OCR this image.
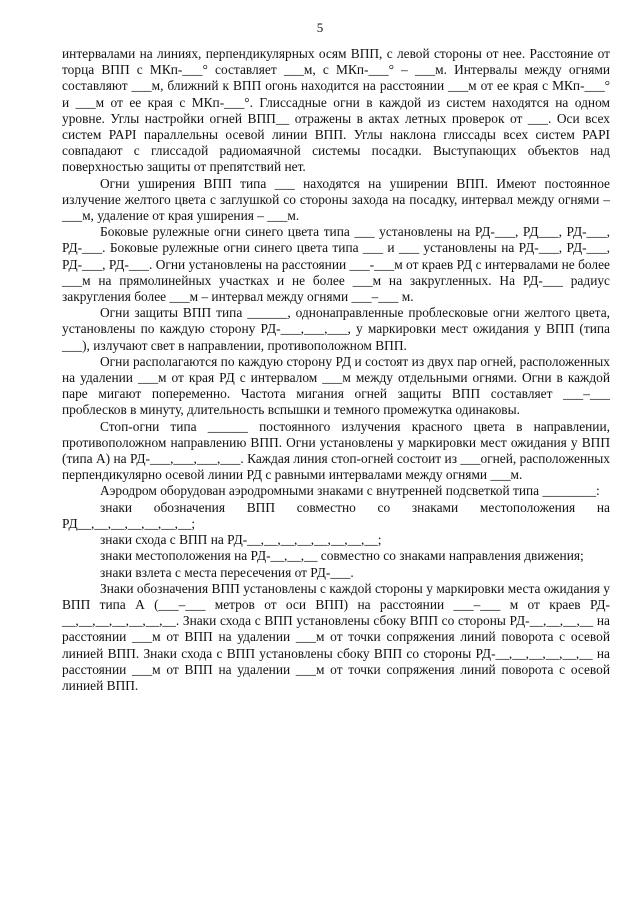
5

интервалами на линиях, перпендикулярных осям ВПП, с левой стороны от нее. Расстояние от торца ВПП с МКп-___° составляет ___м, с МКп-___° – ___м. Интервалы между огнями составляют ___м, ближний к ВПП огонь находится на расстоянии ___м от ее края с МКп-___° и ___м от ее края с МКп-___°. Глиссадные огни в каждой из систем находятся на одном уровне. Углы настройки огней ВПП__ отражены в актах летных проверок от ___. Оси всех систем PAPI параллельны осевой линии ВПП. Углы наклона глиссады всех систем PAPI совпадают с глиссадой радиомаячной системы посадки. Выступающих объектов над поверхностью защиты от препятствий нет.

Огни уширения ВПП типа ___ находятся на уширении ВПП. Имеют постоянное излучение желтого цвета с заглушкой со стороны захода на посадку, интервал между огнями – ___м, удаление от края уширения – ___м.

Боковые рулежные огни синего цвета типа ___ установлены на РД-___, РД___, РД-___, РД-___. Боковые рулежные огни синего цвета типа ___ и ___ установлены на РД-___, РД-___, РД-___, РД-___. Огни установлены на расстоянии ___-___м от краев РД с интервалами не более ___м на прямолинейных участках и не более ___м на закругленных. На РД-___ радиус закругления более ___м – интервал между огнями ___–___ м.

Огни защиты ВПП типа ______, однонаправленные проблесковые огни желтого цвета, установлены по каждую сторону РД-___,___,___, у маркировки мест ожидания у ВПП (типа ___), излучают свет в направлении, противоположном ВПП.

Огни располагаются по каждую сторону РД и состоят из двух пар огней, расположенных на удалении ___м от края РД с интервалом ___м между отдельными огнями. Огни в каждой паре мигают попеременно. Частота мигания огней защиты ВПП составляет ___–___ проблесков в минуту, длительность вспышки и темного промежутка одинаковы.

Стоп-огни типа ______ постоянного излучения красного цвета в направлении, противоположном направлению ВПП. Огни установлены у маркировки мест ожидания у ВПП (типа А) на РД-___,___,___,___. Каждая линия стоп-огней состоит из ___огней, расположенных перпендикулярно осевой линии РД с равными интервалами между огнями ___м.

Аэродром оборудован аэродромными знаками с внутренней подсветкой типа ________:

знаки обозначения ВПП совместно со знаками местоположения на РД__,__,__,__,__,__,__;

знаки схода с ВПП на РД-__,__,__,__,__,__,__,__;

знаки местоположения на РД-__,__,__ совместно со знаками направления движения;

знаки взлета с места пересечения от РД-___.

Знаки обозначения ВПП установлены с каждой стороны у маркировки места ожидания у ВПП типа А (___–___ метров от оси ВПП) на расстоянии ___–___ м от краев РД-__,__,__,__,__,__,__. Знаки схода с ВПП установлены сбоку ВПП со стороны РД-__,__,__,__ на расстоянии ___м от ВПП на удалении ___м от точки сопряжения линий поворота с осевой линией ВПП. Знаки схода с ВПП установлены сбоку ВПП со стороны РД-__,__,__,__,__,__ на расстоянии ___м от ВПП на удалении ___м от точки сопряжения линий поворота с осевой линией ВПП.
